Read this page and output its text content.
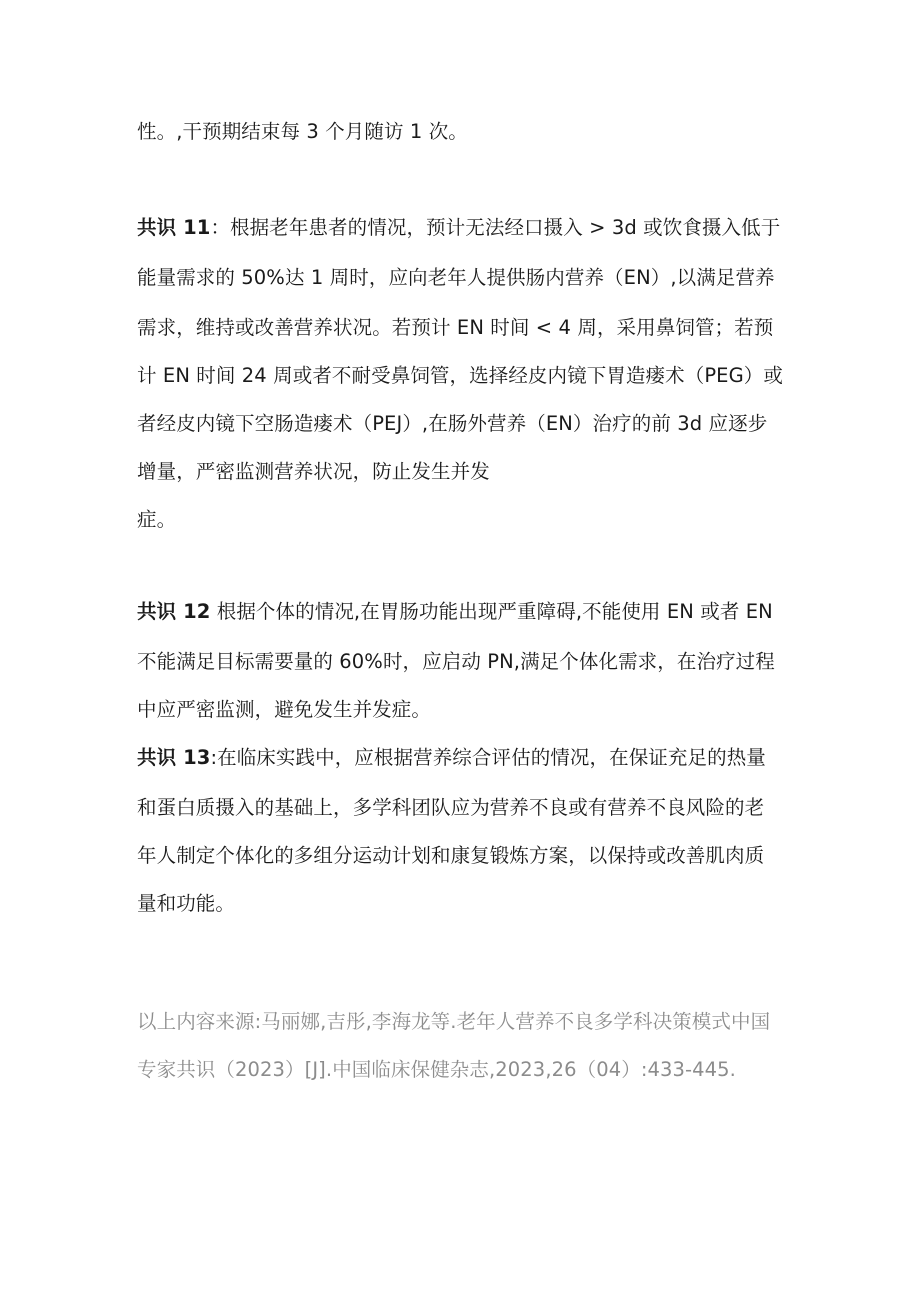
性。,干预期结束每 3 个月随访 1 次。
共识 11：根据老年患者的情况，预计无法经口摄入 > 3d 或饮食摄入低于
能量需求的 50%达 1 周时，应向老年人提供肠内营养（EN）,以满足营养
需求，维持或改善营养状况。若预计 EN 时间 < 4 周，采用鼻饲管；若预
计 EN 时间 24 周或者不耐受鼻饲管，选择经皮内镜下胃造瘘术（PEG）或
者经皮内镜下空肠造瘘术（PEJ）,在肠外营养（EN）治疗的前 3d 应逐步
增量，严密监测营养状况，防止发生并发
症。
共识 12 根据个体的情况,在胃肠功能出现严重障碍,不能使用 EN 或者 EN
不能满足目标需要量的 60%时，应启动 PN,满足个体化需求，在治疗过程
中应严密监测，避免发生并发症。
共识 13:在临床实践中，应根据营养综合评估的情况，在保证充足的热量
和蛋白质摄入的基础上，多学科团队应为营养不良或有营养不良风险的老
年人制定个体化的多组分运动计划和康复锻炼方案，以保持或改善肌肉质
量和功能。
以上内容来源:马丽娜,吉彤,李海龙等.老年人营养不良多学科决策模式中国
专家共识（2023）[J].中国临床保健杂志,2023,26（04）:433-445.
